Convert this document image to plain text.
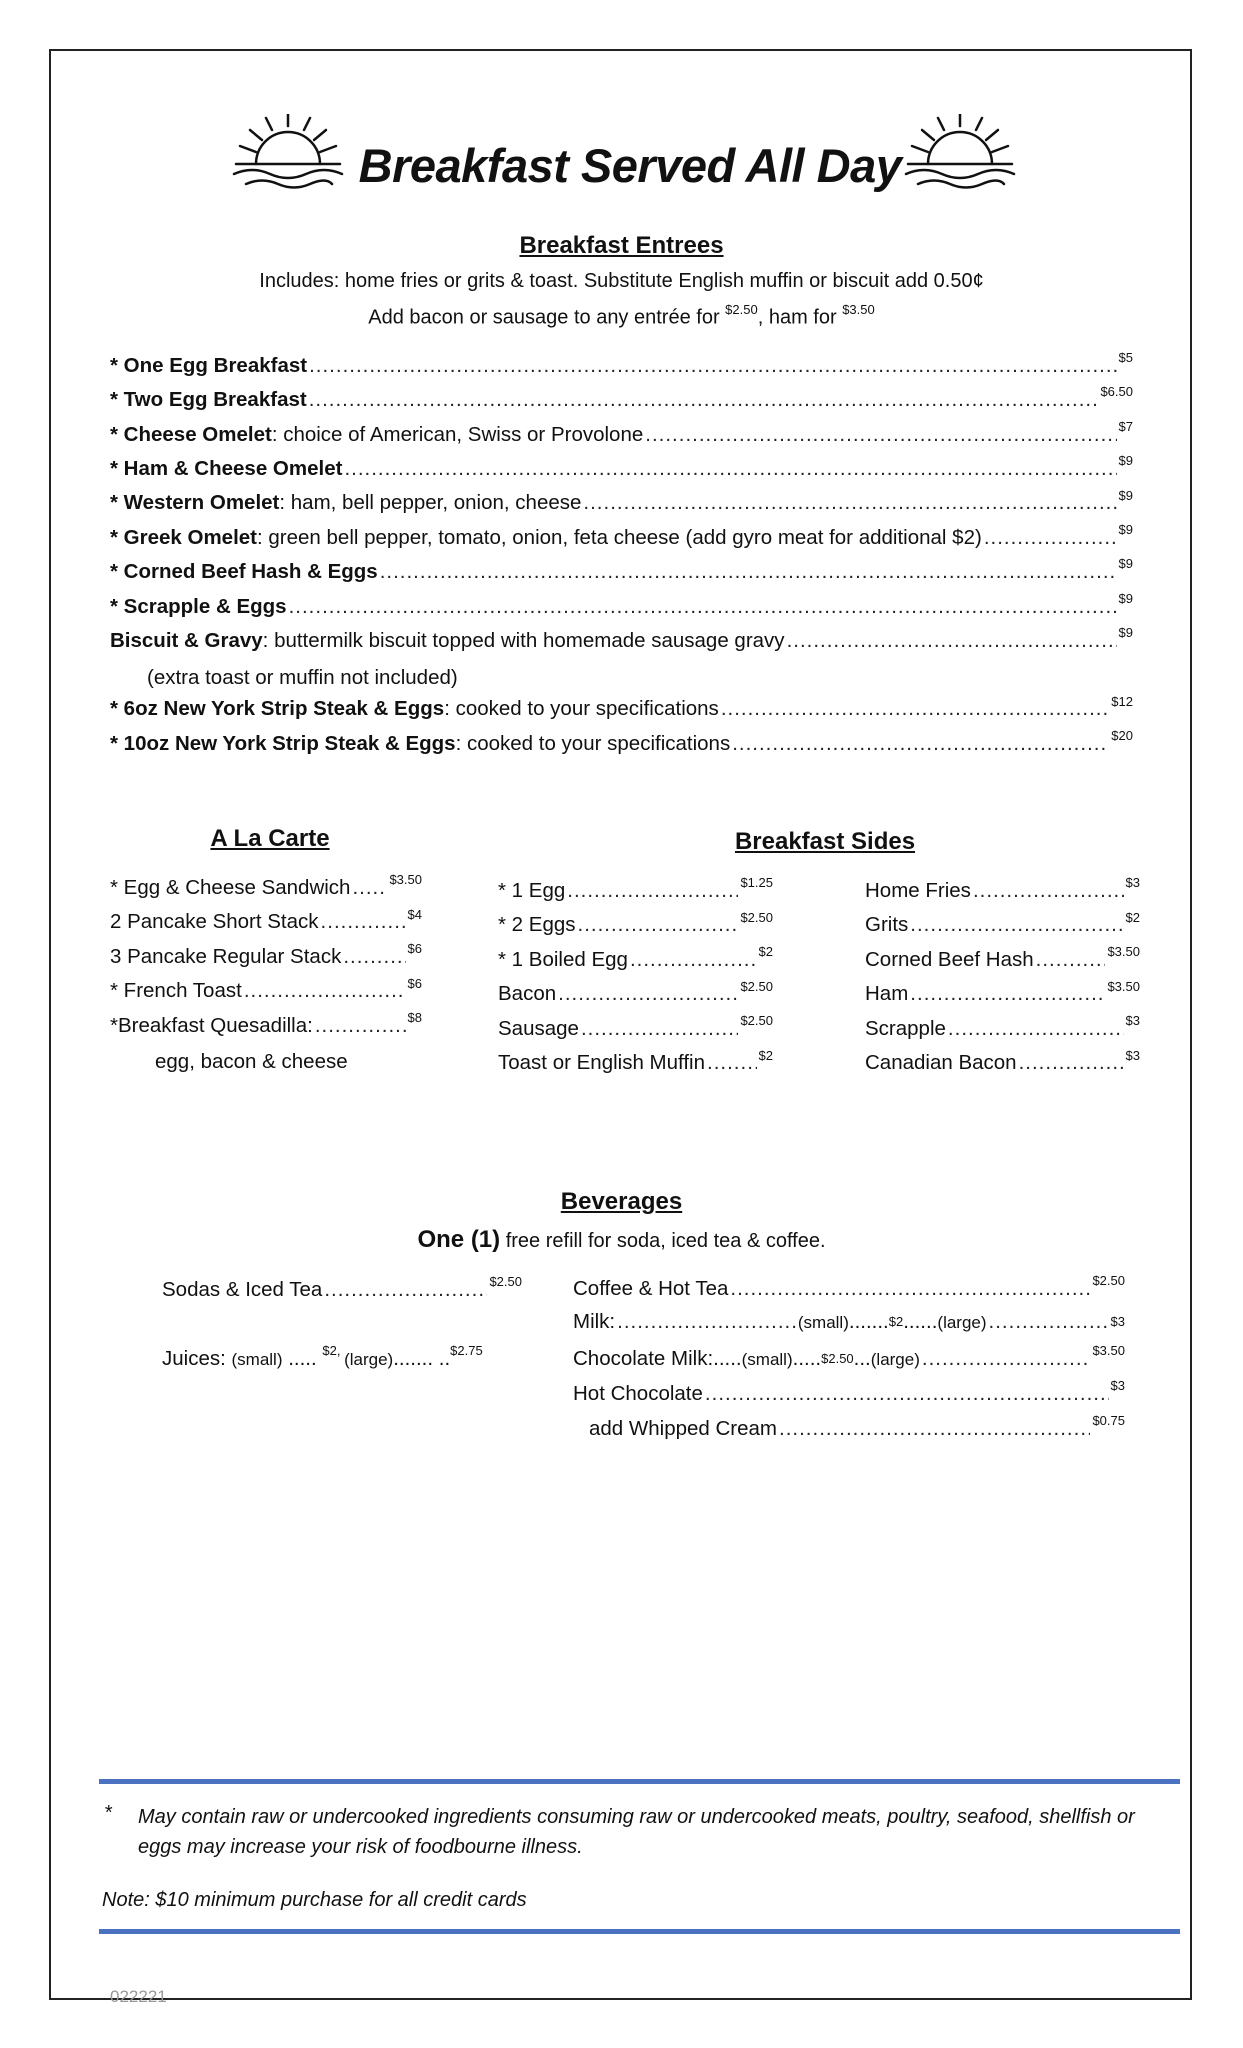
Breakfast Served All Day
Breakfast Entrees
Includes: home fries or grits & toast. Substitute English muffin or biscuit add 0.50¢
Add bacon or sausage to any entrée for $^{\$2.50}$, ham for $^{\$3.50}$
* One Egg Breakfast .....	$^{\$5}$
* Two Egg Breakfast .....	$^{\$6.50}$
* Cheese Omelet: choice of American, Swiss or Provolone .....	$^{\$7}$
* Ham & Cheese Omelet .....	$^{\$9}$
* Western Omelet: ham, bell pepper, onion, cheese .....	$^{\$9}$
* Greek Omelet: green bell pepper, tomato, onion, feta cheese (add gyro meat for additional $2) .....	$^{\$9}$
* Corned Beef Hash & Eggs .....	$^{\$9}$
* Scrapple & Eggs .....	$^{\$9}$
Biscuit & Gravy: buttermilk biscuit topped with homemade sausage gravy .....	$^{\$9}$
* 6oz New York Strip Steak & Eggs: cooked to your specifications .....	$^{\$12}$
* 10oz New York Strip Steak & Eggs: cooked to your specifications .....	$^{\$20}$
(extra toast or muffin not included)
A La Carte
* Egg & Cheese Sandwich .....	$^{\$3.50}$
2 Pancake Short Stack .....	$^{\$4}$
3 Pancake Regular Stack .....	$^{\$6}$
* French Toast .....	$^{\$6}$
*Breakfast Quesadilla: .....	$^{\$8}$
egg, bacon & cheese
Breakfast Sides
* 1 Egg .....	$^{\$1.25}$
* 2 Eggs .....	$^{\$2.50}$
* 1 Boiled Egg .....	$^{\$2}$
Bacon .....	$^{\$2.50}$
Sausage .....	$^{\$2.50}$
Toast or English Muffin .....	$^{\$2}$
Home Fries .....	$^{\$3}$
Grits .....	$^{\$2}$
Corned Beef Hash .....	$^{\$3.50}$
Ham .....	$^{\$3.50}$
Scrapple .....	$^{\$3}$
Canadian Bacon .....	$^{\$3}$
Beverages
One (1) free refill for soda, iced tea & coffee.
Sodas & Iced Tea .....	$^{\$2.50}$
Juices: (small) ..... $^{\$2,}$ (large)....... ..$^{\$2.75}$
Coffee & Hot Tea .....	$^{\$2.50}$
Milk: .....	(small) .......$^{\$2}$ ...... (large) .....	$^{\$3}$
Chocolate Milk: ..... (small) .....$^{\$2.50}$ ... (large) .....	$^{\$3.50}$
Hot Chocolate .....	$^{\$3}$
add Whipped Cream .....	$^{\$0.75}$
* May contain raw or undercooked ingredients consuming raw or undercooked meats, poultry, seafood, shellfish or eggs may increase your risk of foodbourne illness.
Note: $10 minimum purchase for all credit cards
022221
